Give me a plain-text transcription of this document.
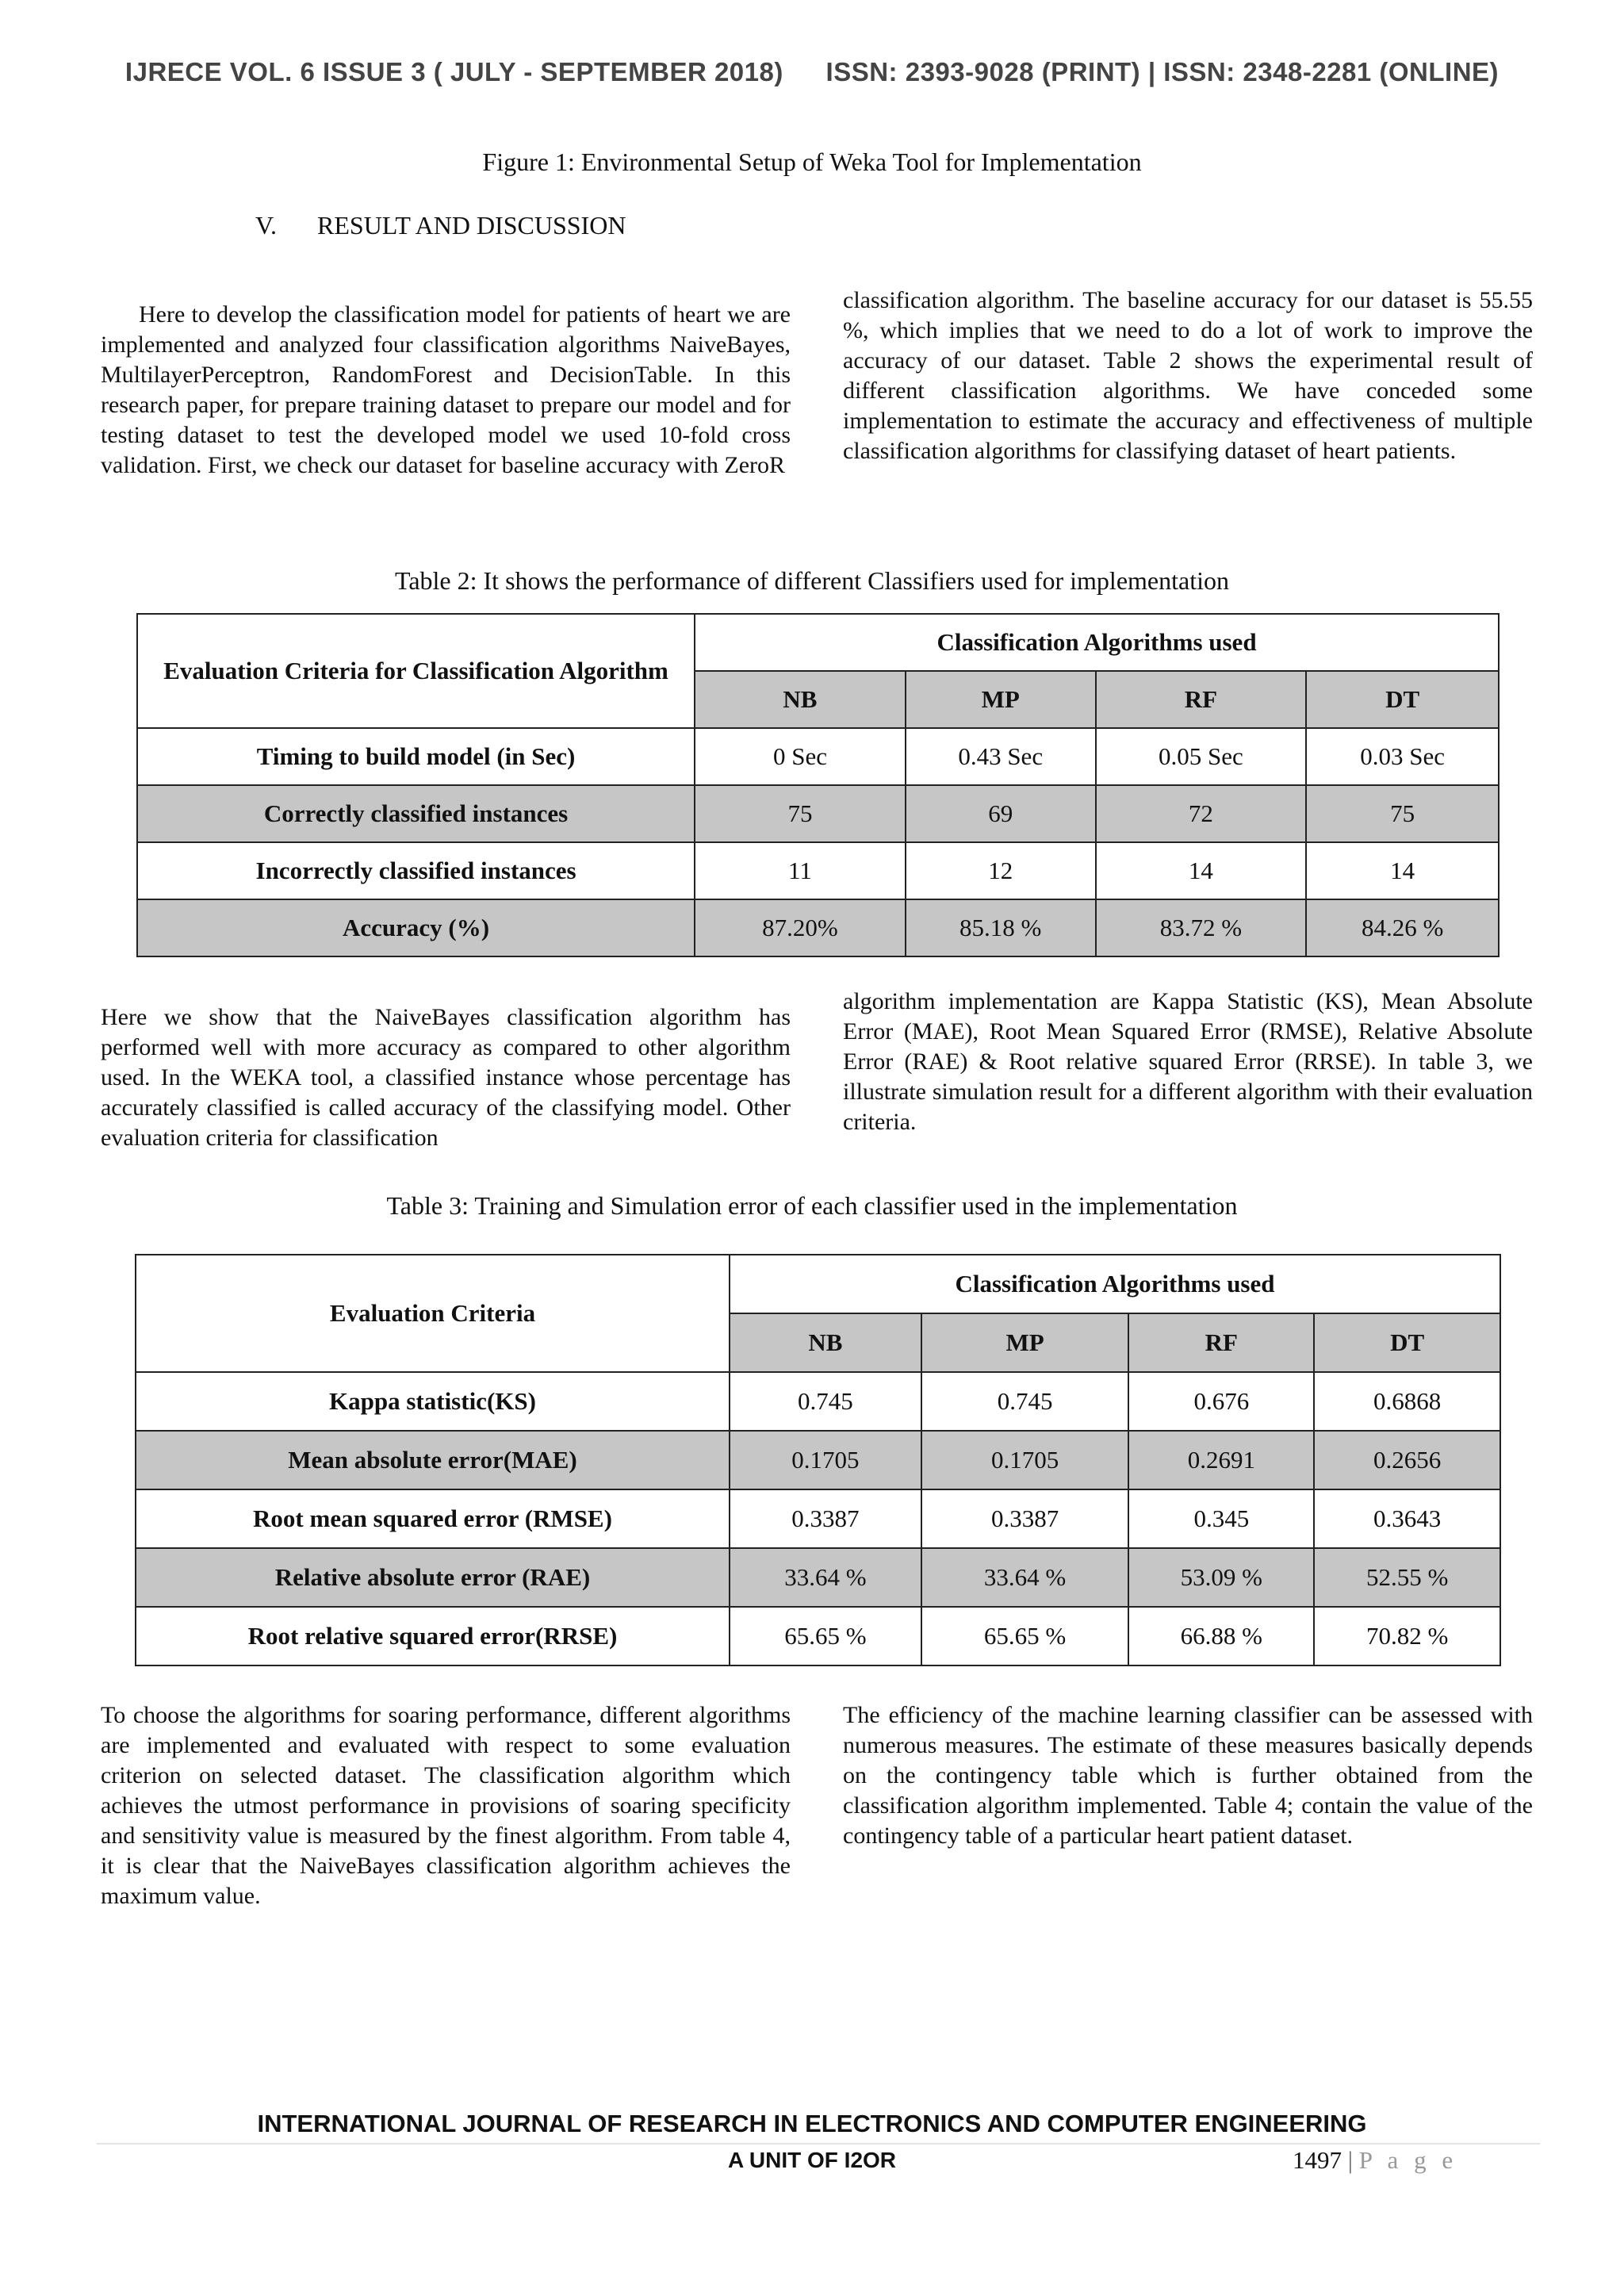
IJRECE VOL. 6 ISSUE 3 ( JULY - SEPTEMBER 2018) ISSN: 2393-9028 (PRINT) | ISSN: 2348-2281 (ONLINE)
Figure 1: Environmental Setup of Weka Tool for Implementation
V. RESULT AND DISCUSSION

Here to develop the classification model for patients of heart we are implemented and analyzed four classification algorithms NaiveBayes, MultilayerPerceptron, RandomForest and DecisionTable. In this research paper, for prepare training dataset to prepare our model and for testing dataset to test the developed model we used 10-fold cross validation. First, we check our dataset for baseline accuracy with ZeroR

classification algorithm. The baseline accuracy for our dataset is 55.55 %, which implies that we need to do a lot of work to improve the accuracy of our dataset. Table 2 shows the experimental result of different classification algorithms. We have conceded some implementation to estimate the accuracy and effectiveness of multiple classification algorithms for classifying dataset of heart patients.

Table 2: It shows the performance of different Classifiers used for implementation
Evaluation Criteria for Classification Algorithm	Classification Algorithms used			
	NB	MP	RF	DT
Timing to build model (in Sec)	0 Sec	0.43 Sec	0.05 Sec	0.03 Sec
Correctly classified instances	75	69	72	75
Incorrectly classified instances	11	12	14	14
Accuracy (%)	87.20%	85.18 %	83.72 %	84.26 %

Here we show that the NaiveBayes classification algorithm has performed well with more accuracy as compared to other algorithm used. In the WEKA tool, a classified instance whose percentage has accurately classified is called accuracy of the classifying model. Other evaluation criteria for classification

algorithm implementation are Kappa Statistic (KS), Mean Absolute Error (MAE), Root Mean Squared Error (RMSE), Relative Absolute Error (RAE) & Root relative squared Error (RRSE). In table 3, we illustrate simulation result for a different algorithm with their evaluation criteria.

Table 3: Training and Simulation error of each classifier used in the implementation
Evaluation Criteria	Classification Algorithms used			
	NB	MP	RF	DT
Kappa statistic(KS)	0.745	0.745	0.676	0.6868
Mean absolute error(MAE)	0.1705	0.1705	0.2691	0.2656
Root mean squared error (RMSE)	0.3387	0.3387	0.345	0.3643
Relative absolute error (RAE)	33.64 %	33.64 %	53.09 %	52.55 %
Root relative squared error(RRSE)	65.65 %	65.65 %	66.88 %	70.82 %

To choose the algorithms for soaring performance, different algorithms are implemented and evaluated with respect to some evaluation criterion on selected dataset. The classification algorithm which achieves the utmost performance in provisions of soaring specificity and sensitivity value is measured by the finest algorithm. From table 4, it is clear that the NaiveBayes classification algorithm achieves the maximum value.

The efficiency of the machine learning classifier can be assessed with numerous measures. The estimate of these measures basically depends on the contingency table which is further obtained from the classification algorithm implemented. Table 4; contain the value of the contingency table of a particular heart patient dataset.

INTERNATIONAL JOURNAL OF RESEARCH IN ELECTRONICS AND COMPUTER ENGINEERING
A UNIT OF I2OR	1497 | P a g e
